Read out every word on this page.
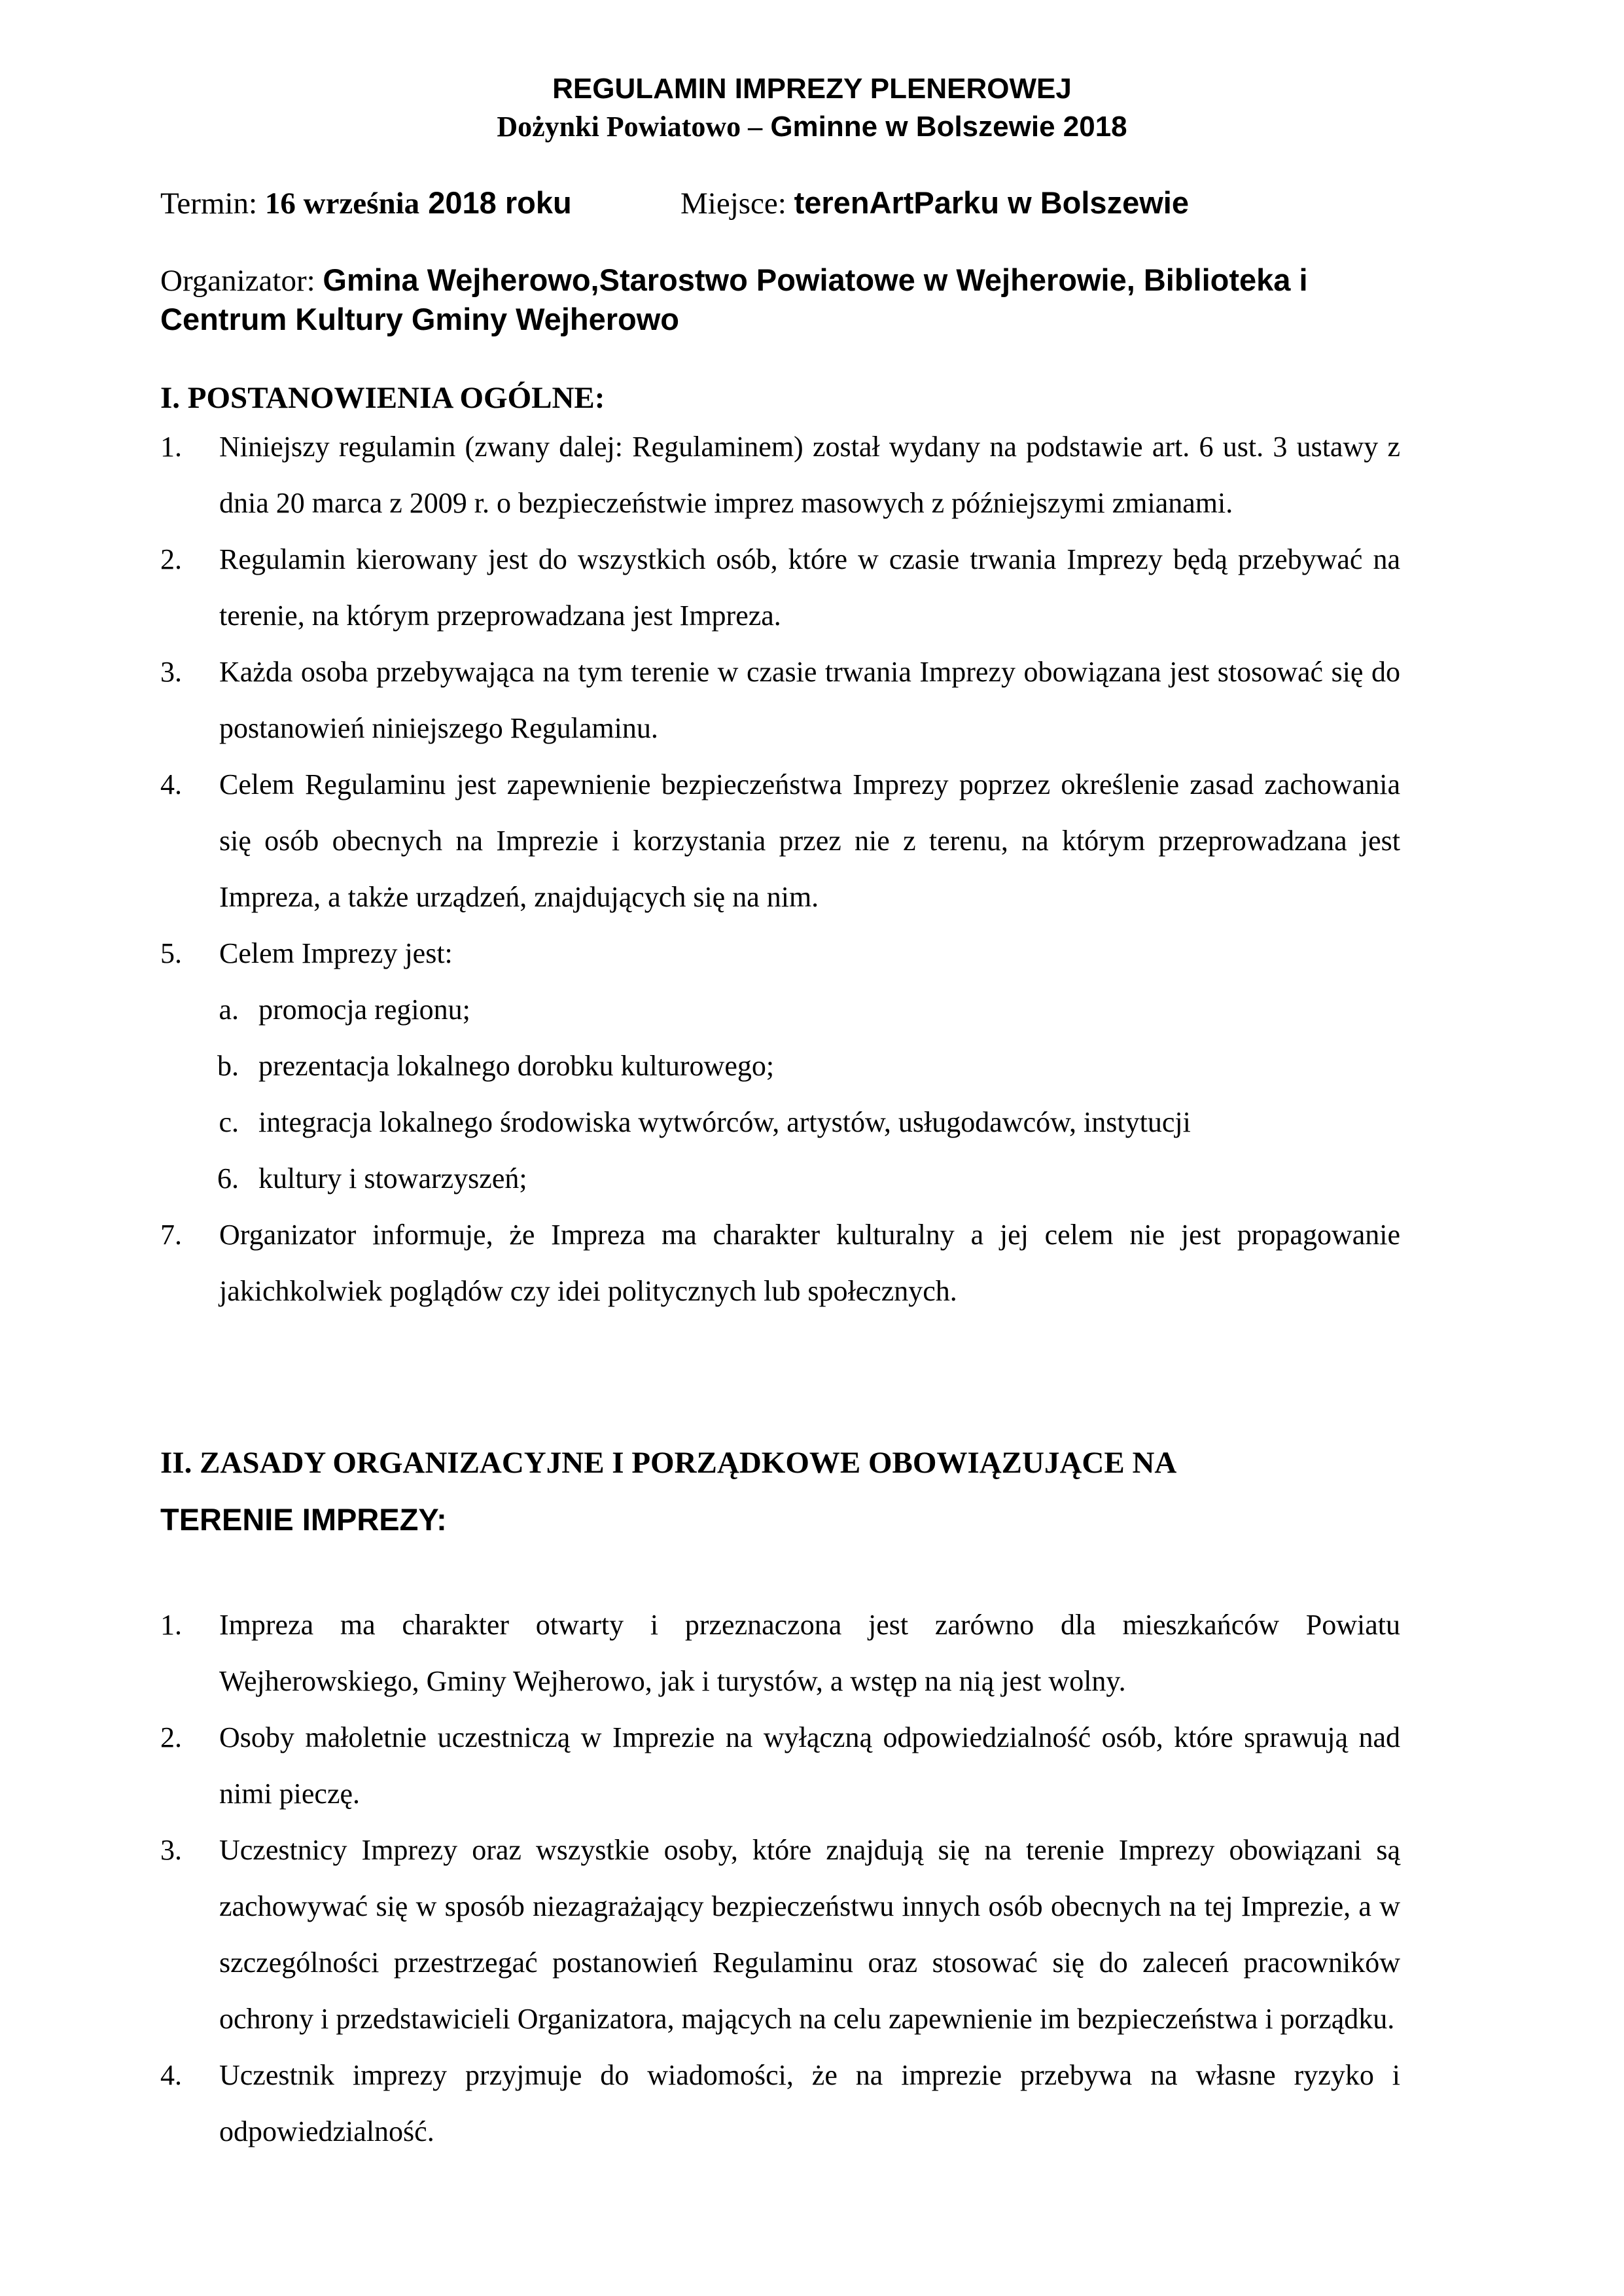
REGULAMIN IMPREZY PLENEROWEJ
Dożynki Powiatowo – Gminne w Bolszewie 2018
Termin: 16 września 2018 roku	Miejsce: terenArtParku w Bolszewie
Organizator: Gmina Wejherowo,Starostwo Powiatowe w Wejherowie, Biblioteka i
Centrum Kultury Gminy Wejherowo
I. POSTANOWIENIA OGÓLNE:
1.	Niniejszy regulamin (zwany dalej: Regulaminem) został wydany na podstawie art. 6 ust. 3 ustawy z dnia 20 marca z 2009 r. o bezpieczeństwie imprez masowych z późniejszymi zmianami.
2.	Regulamin kierowany jest do wszystkich osób, które w czasie trwania Imprezy będą przebywać na terenie, na którym przeprowadzana jest Impreza.
3.	Każda osoba przebywająca na tym terenie w czasie trwania Imprezy obowiązana jest stosować się do postanowień niniejszego Regulaminu.
4.	Celem Regulaminu jest zapewnienie bezpieczeństwa Imprezy poprzez określenie zasad zachowania się osób obecnych na Imprezie i korzystania przez nie z terenu, na którym przeprowadzana jest Impreza, a także urządzeń, znajdujących się na nim.
5.	Celem Imprezy jest:
a. promocja regionu;
b. prezentacja lokalnego dorobku kulturowego;
c. integracja lokalnego środowiska wytwórców, artystów, usługodawców, instytucji
6. kultury i stowarzyszeń;
7.	Organizator informuje, że Impreza ma charakter kulturalny a jej celem nie jest propagowanie jakichkolwiek poglądów czy idei politycznych lub społecznych.
II. ZASADY ORGANIZACYJNE I PORZĄDKOWE OBOWIĄZUJĄCE NA
TERENIE IMPREZY:
1.	Impreza ma charakter otwarty i przeznaczona jest zarówno dla mieszkańców Powiatu Wejherowskiego, Gminy Wejherowo, jak i turystów, a wstęp na nią jest wolny.
2.	Osoby małoletnie uczestniczą w Imprezie na wyłączną odpowiedzialność osób, które sprawują nad nimi pieczę.
3.	Uczestnicy Imprezy oraz wszystkie osoby, które znajdują się na terenie Imprezy obowiązani są zachowywać się w sposób niezagrażający bezpieczeństwu innych osób obecnych na tej Imprezie, a w szczególności przestrzegać postanowień Regulaminu oraz stosować się do zaleceń pracowników ochrony i przedstawicieli Organizatora, mających na celu zapewnienie im bezpieczeństwa i porządku.
4.	Uczestnik imprezy przyjmuje do wiadomości, że na imprezie przebywa na własne ryzyko i odpowiedzialność.
